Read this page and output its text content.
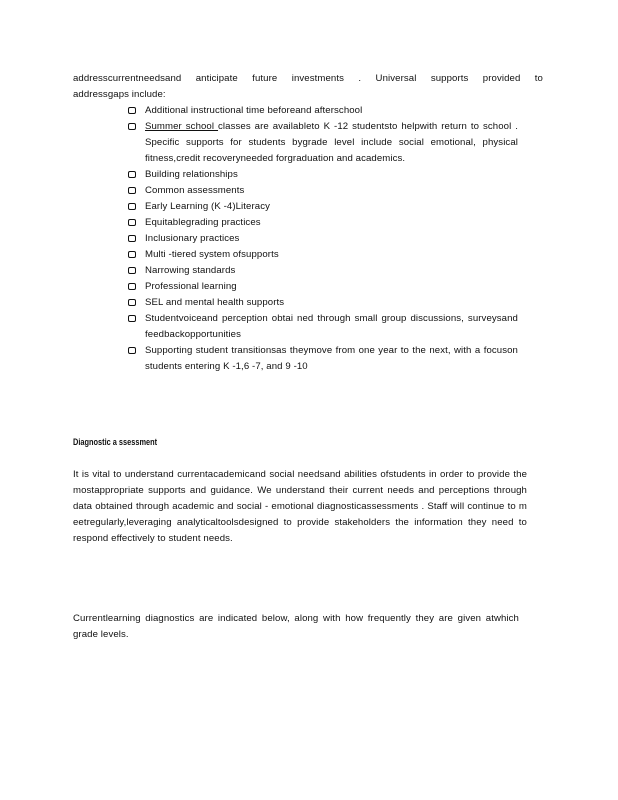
addresscurrentneedsand anticipate future investments . Universal supports provided to
addressgaps include:
Additional instructional time beforeand afterschool
Summer school classes are availableto K -12 studentsto helpwith return to school . Specific supports for students bygrade level include social emotional, physical fitness,credit recoveryneeded forgraduation and academics.
Building relationships
Common assessments
Early Learning (K -4)Literacy
Equitablegrading practices
Inclusionary practices
Multi -tiered system ofsupports
Narrowing standards
Professional learning
SEL and mental health supports
Studentvoiceand perception obtai ned through small group discussions, surveysand feedbackopportunities
Supporting student transitionsas theymove from one year to the next, with a focuson students entering K -1,6 -7, and 9 -10
Diagnostic a ssessment

It is vital to understand currentacademicand social needsand abilities ofstudents in order to provide the mostappropriate supports and guidance. We understand their current needs and perceptions through data obtained through academic and social - emotional diagnosticassessments . Staff will continue to m eetregularly,leveraging analyticaltoolsdesigned to provide stakeholders the information they need to respond effectively to student needs.

Currentlearning diagnostics are indicated below, along with how frequently they are given atwhich grade levels.
